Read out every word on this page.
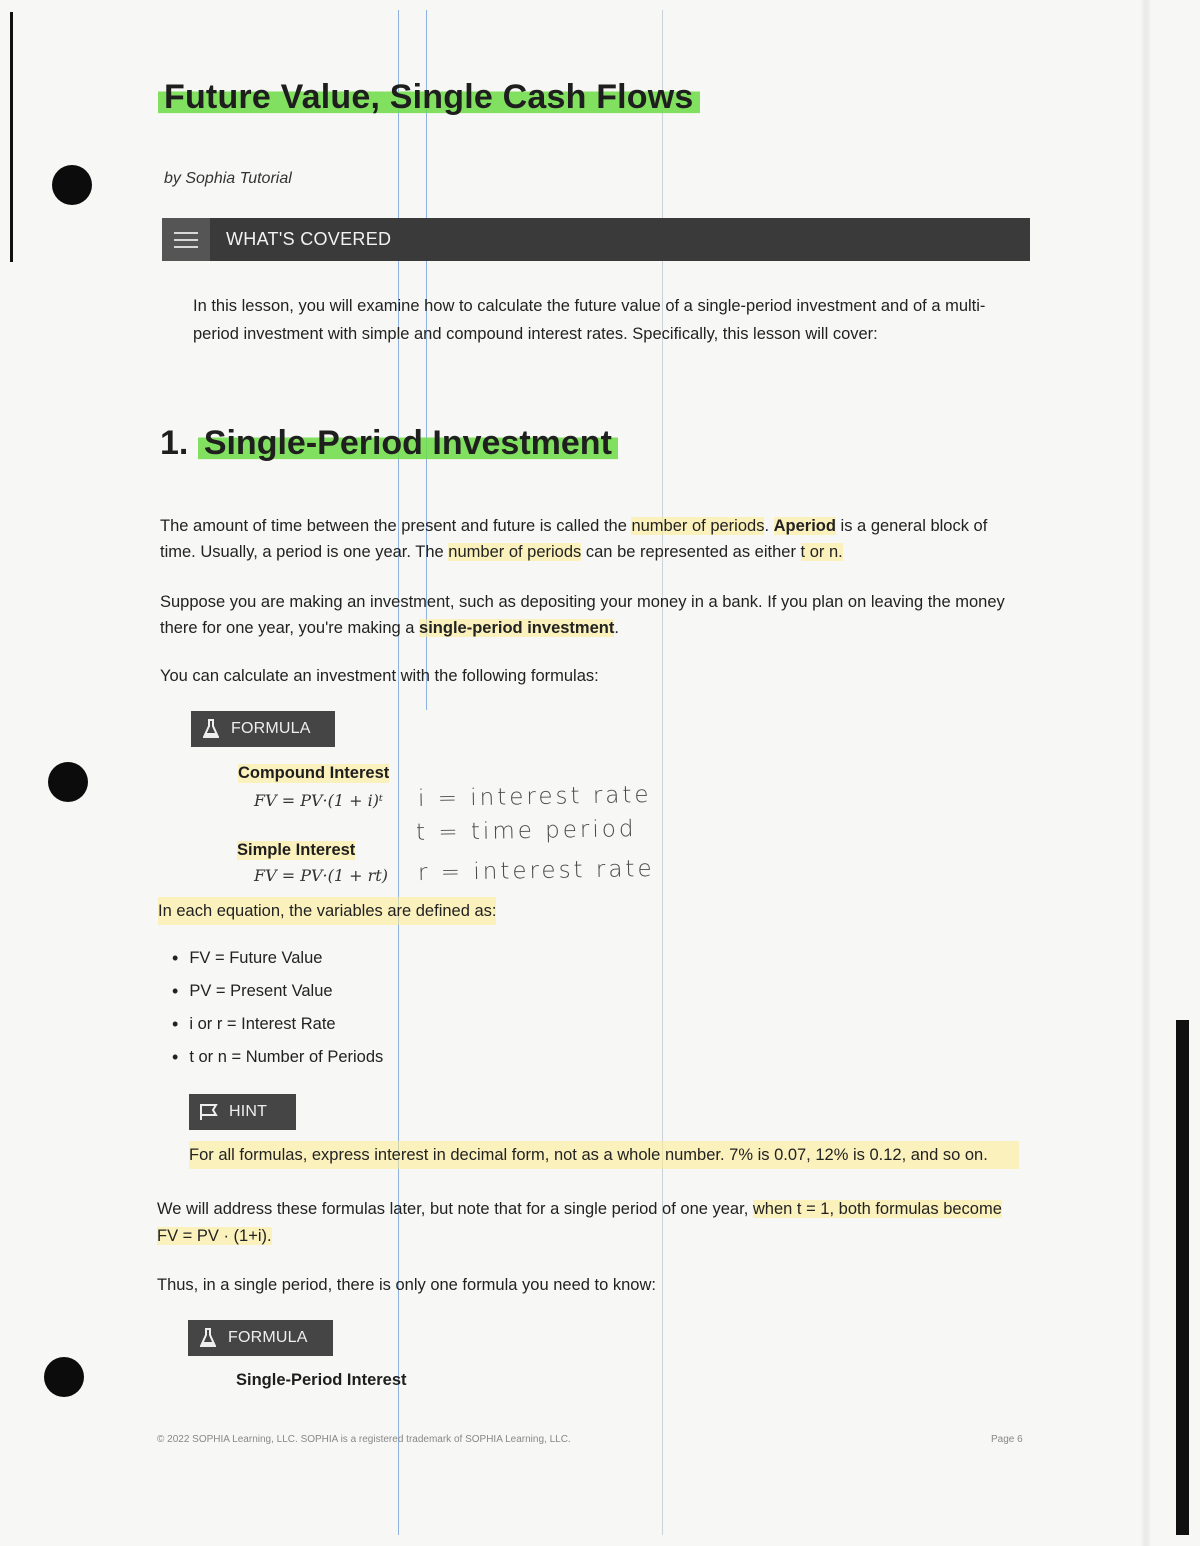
Future Value, Single Cash Flows
by Sophia Tutorial
WHAT'S COVERED
In this lesson, you will examine how to calculate the future value of a single-period investment and of a multi-period investment with simple and compound interest rates. Specifically, this lesson will cover:
1. Single-Period Investment
The amount of time between the present and future is called the number of periods. Aperiod is a general block of time. Usually, a period is one year. The number of periods can be represented as either t or n.
Suppose you are making an investment, such as depositing your money in a bank. If you plan on leaving the money there for one year, you're making a single-period investment.
You can calculate an investment with the following formulas:
FORMULA
Compound Interest
FV = PV·(1 + i)ᵗ
Simple Interest
FV = PV·(1 + rt)
i = interest rate
t = time period
r = interest rate
In each equation, the variables are defined as:
• FV = Future Value
• PV = Present Value
• i or r = Interest Rate
• t or n = Number of Periods
HINT
For all formulas, express interest in decimal form, not as a whole number. 7% is 0.07, 12% is 0.12, and so on.
We will address these formulas later, but note that for a single period of one year, when t = 1, both formulas become FV = PV · (1+i).
Thus, in a single period, there is only one formula you need to know:
FORMULA
Single-Period Interest
© 2022 SOPHIA Learning, LLC. SOPHIA is a registered trademark of SOPHIA Learning, LLC.	Page 6
